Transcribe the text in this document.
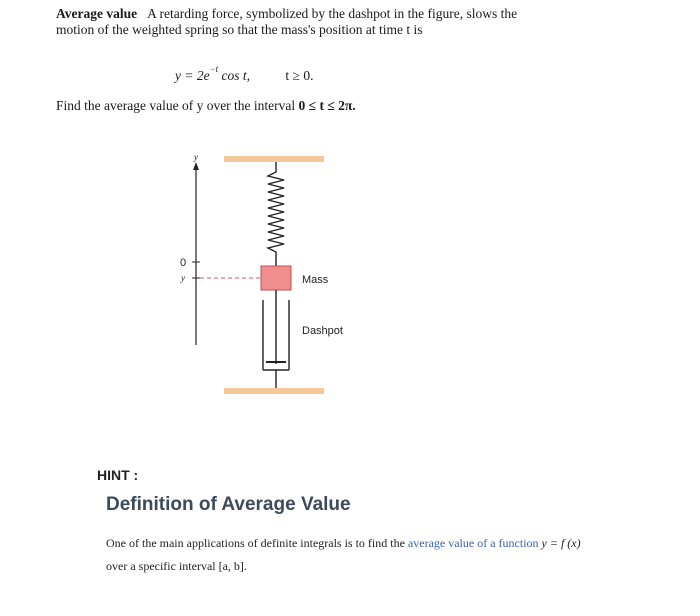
Average value A retarding force, symbolized by the dashpot in the figure, slows the motion of the weighted spring so that the mass's position at time t is
$y = 2e^{-t}$ cos t,	t ≥ 0.
Find the average value of y over the interval 0 ≤ t ≤ 2π.
y
0
y	Mass
Dashpot
HINT :
Definition of Average Value
One of the main applications of definite integrals is to find the average value of a function y = f (x)
over a specific interval [a, b].
